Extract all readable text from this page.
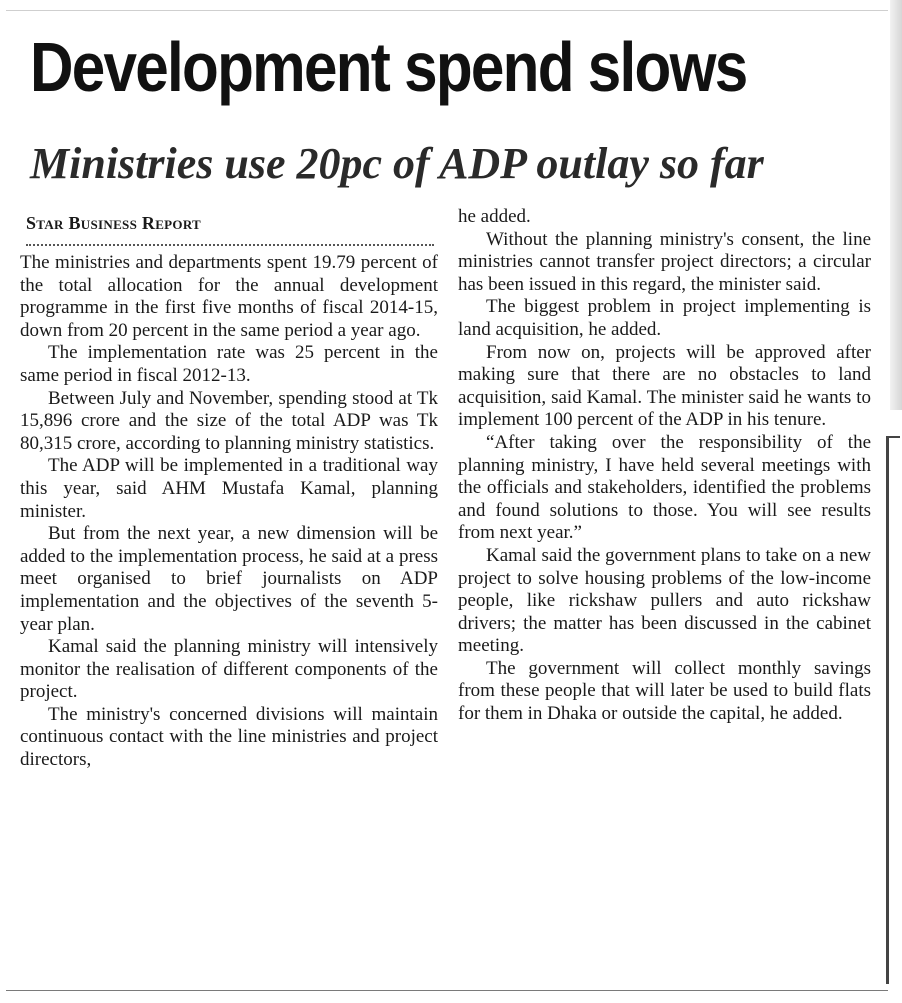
Development spend slows
Ministries use 20pc of ADP outlay so far
Star Business Report

The ministries and departments spent 19.79 percent of the total allocation for the annual development programme in the first five months of fiscal 2014-15, down from 20 percent in the same period a year ago.

The implementation rate was 25 percent in the same period in fiscal 2012-13.

Between July and November, spending stood at Tk 15,896 crore and the size of the total ADP was Tk 80,315 crore, according to planning ministry statistics.

The ADP will be implemented in a traditional way this year, said AHM Mustafa Kamal, planning minister.

But from the next year, a new dimension will be added to the implementation process, he said at a press meet organised to brief journalists on ADP implementation and the objectives of the seventh 5-year plan.

Kamal said the planning ministry will intensively monitor the realisation of different components of the project.

The ministry's concerned divisions will maintain continuous contact with the line ministries and project directors,

he added.

Without the planning ministry's consent, the line ministries cannot transfer project directors; a circular has been issued in this regard, the minister said.

The biggest problem in project implementing is land acquisition, he added.

From now on, projects will be approved after making sure that there are no obstacles to land acquisition, said Kamal. The minister said he wants to implement 100 percent of the ADP in his tenure.

“After taking over the responsibility of the planning ministry, I have held several meetings with the officials and stakeholders, identified the problems and found solutions to those. You will see results from next year.”

Kamal said the government plans to take on a new project to solve housing problems of the low-income people, like rickshaw pullers and auto rickshaw drivers; the matter has been discussed in the cabinet meeting.

The government will collect monthly savings from these people that will later be used to build flats for them in Dhaka or outside the capital, he added.
